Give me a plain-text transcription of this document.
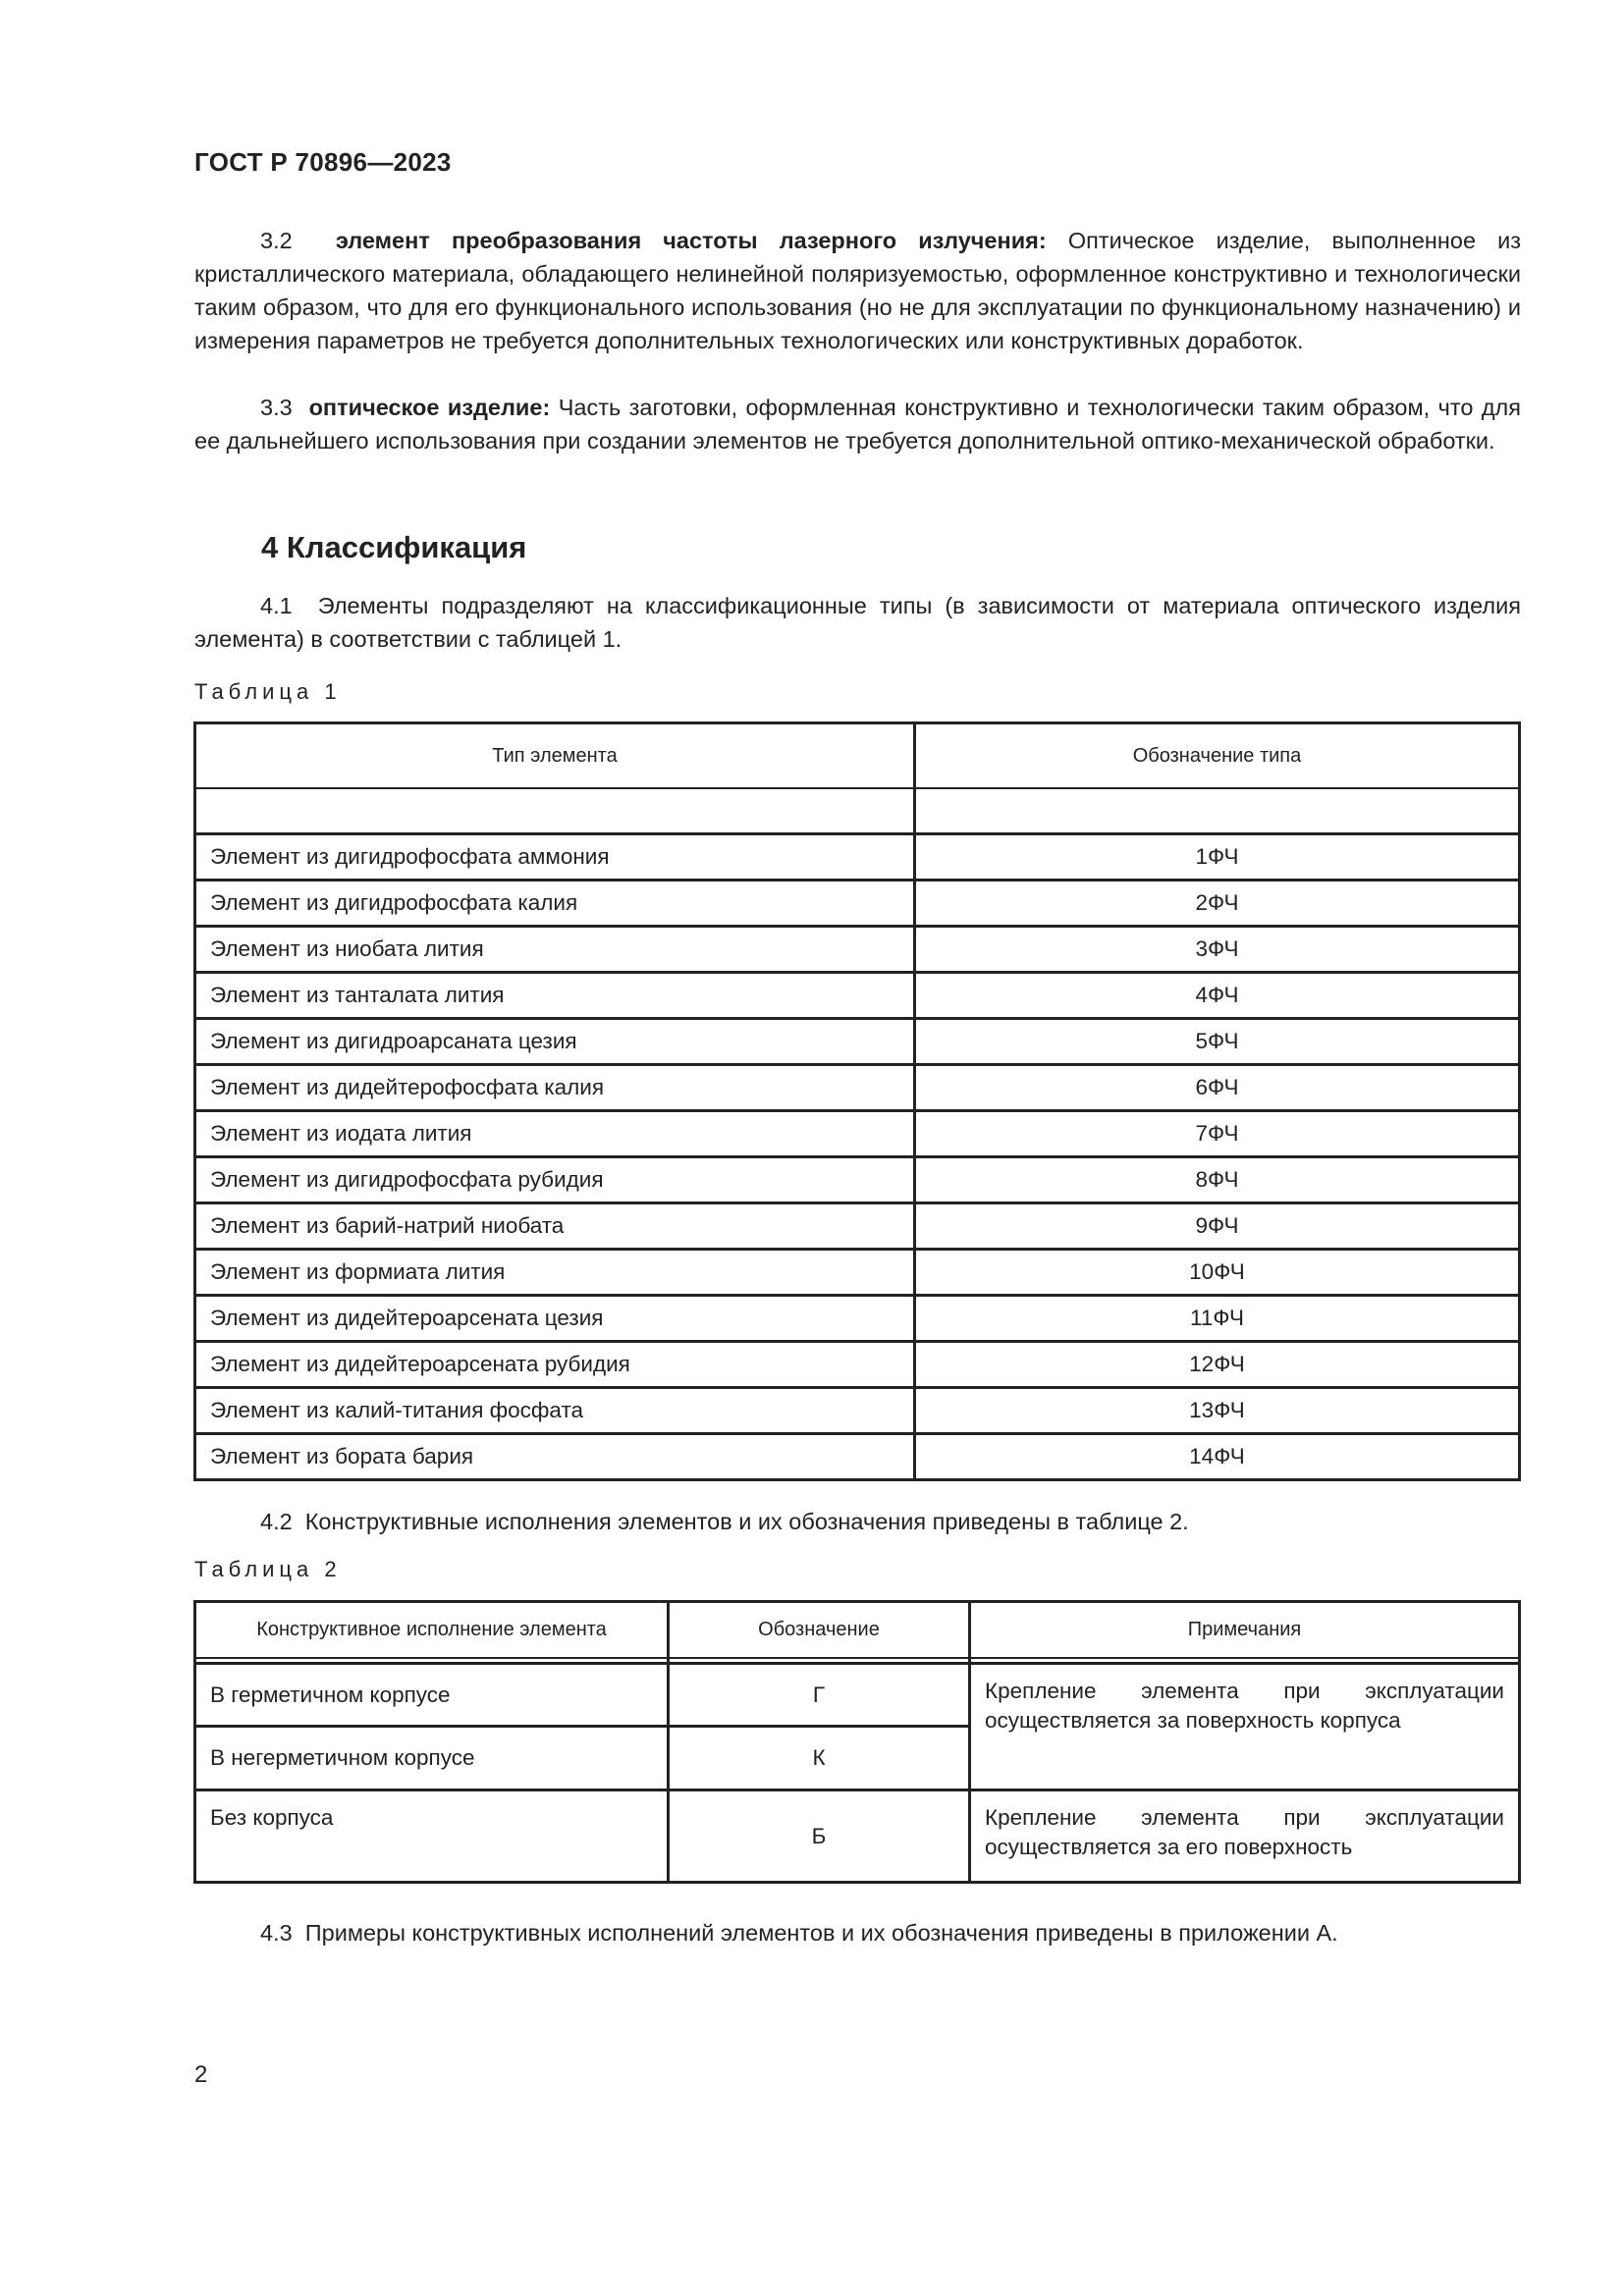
ГОСТ Р 70896—2023
3.2 элемент преобразования частоты лазерного излучения: Оптическое изделие, выполненное из кристаллического материала, обладающего нелинейной поляризуемостью, оформленное конструктивно и технологически таким образом, что для его функционального использования (но не для эксплуатации по функциональному назначению) и измерения параметров не требуется дополнительных технологических или конструктивных доработок.
3.3 оптическое изделие: Часть заготовки, оформленная конструктивно и технологически таким образом, что для ее дальнейшего использования при создании элементов не требуется дополнительной оптико-механической обработки.
4 Классификация
4.1 Элементы подразделяют на классификационные типы (в зависимости от материала оптического изделия элемента) в соответствии с таблицей 1.
Таблица 1
Тип элемента	Обозначение типа

Элемент из дигидрофосфата аммония	1ФЧ
Элемент из дигидрофосфата калия	2ФЧ
Элемент из ниобата лития	3ФЧ
Элемент из танталата лития	4ФЧ
Элемент из дигидроарсаната цезия	5ФЧ
Элемент из дидейтерофосфата калия	6ФЧ
Элемент из иодата лития	7ФЧ
Элемент из дигидрофосфата рубидия	8ФЧ
Элемент из барий-натрий ниобата	9ФЧ
Элемент из формиата лития	10ФЧ
Элемент из дидейтероарсената цезия	11ФЧ
Элемент из дидейтероарсената рубидия	12ФЧ
Элемент из калий-титания фосфата	13ФЧ
Элемент из бората бария	14ФЧ
4.2 Конструктивные исполнения элементов и их обозначения приведены в таблице 2.
Таблица 2
Конструктивное исполнение элемента	Обозначение	Примечания

В герметичном корпусе	Г	Крепление элемента при эксплуатации осуществляется за поверхность корпуса
В негерметичном корпусе	К	
Без корпуса	Б	Крепление элемента при эксплуатации осуществляется за его поверхность
4.3 Примеры конструктивных исполнений элементов и их обозначения приведены в приложении А.
2
